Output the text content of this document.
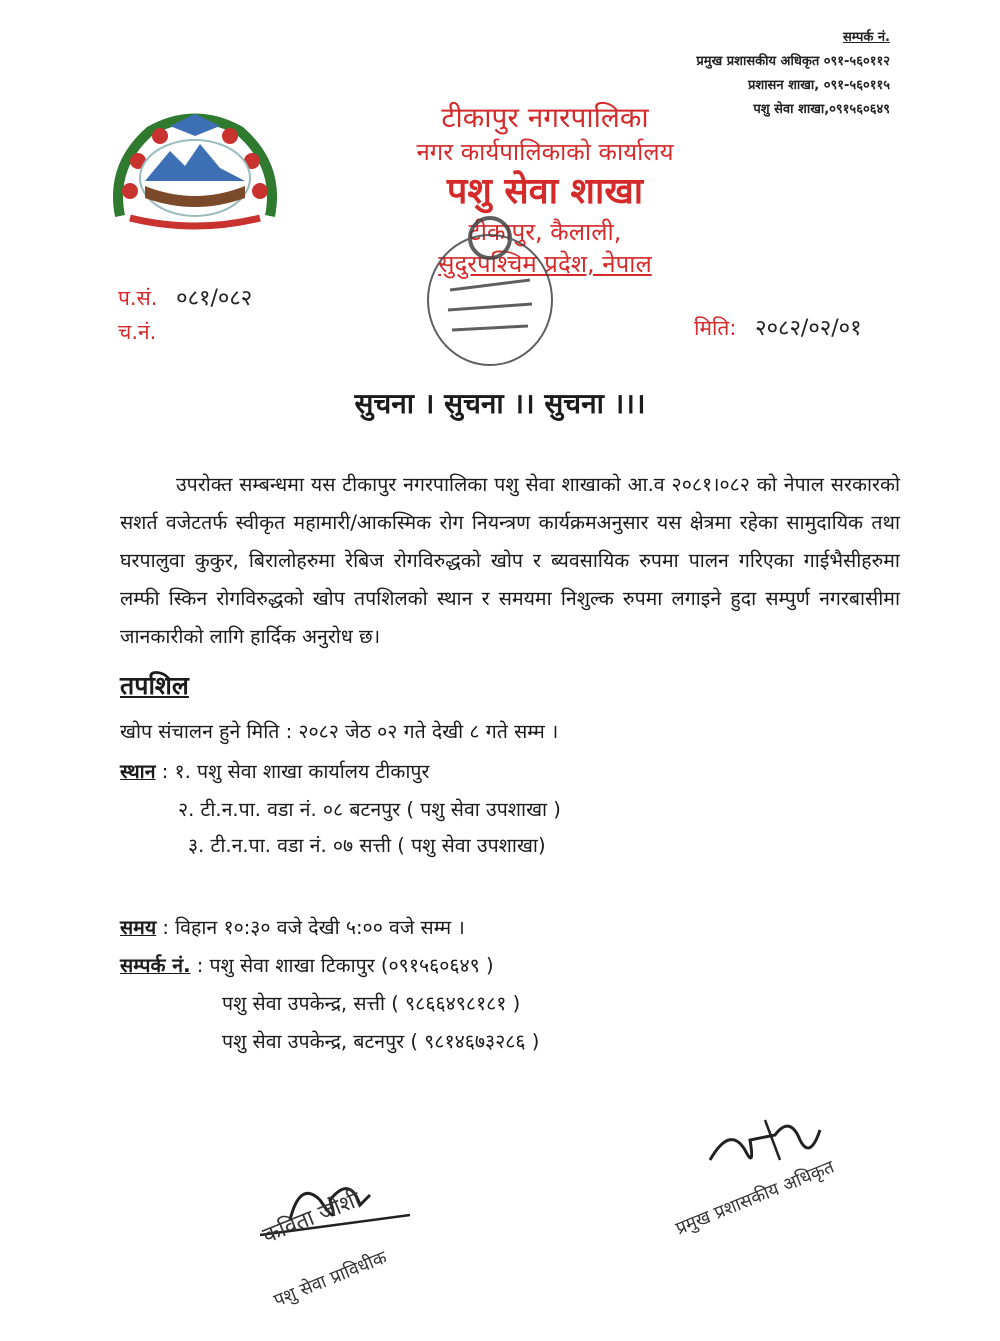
सम्पर्क नं.
प्रमुख प्रशासकीय अधिकृत ०९१-५६०११२
प्रशासन शाखा, ०९१-५६०११५
पशु सेवा शाखा,०९१५६०६४९
टीकापुर नगरपालिका
नगर कार्यपालिकाको कार्यालय
पशु सेवा शाखा
टीकापुर, कैलाली,
सुदुरपश्चिम प्रदेश, नेपाल
प.सं. ०८१/०८२
च.नं.	मिति: २०८२/०२/०१
सुचना । सुचना ।। सुचना ।।।
उपरोक्त सम्बन्धमा यस टीकापुर नगरपालिका पशु सेवा शाखाको आ.व २०८१।०८२ को नेपाल सरकारको सशर्त वजेटतर्फ स्वीकृत महामारी/आकस्मिक रोग नियन्त्रण कार्यक्रमअनुसार यस क्षेत्रमा रहेका सामुदायिक तथा घरपालुवा कुकुर, बिरालोहरुमा रेबिज रोगविरुद्धको खोप र ब्यवसायिक रुपमा पालन गरिएका गाईभैसीहरुमा लम्फी स्किन रोगविरुद्धको खोप तपशिलको स्थान र समयमा निशुल्क रुपमा लगाइने हुदा सम्पुर्ण नगरबासीमा जानकारीको लागि हार्दिक अनुरोध छ।
तपशिल
खोप संचालन हुने मिति : २०८२ जेठ ०२ गते देखी ८ गते सम्म ।
स्थान : १. पशु सेवा शाखा कार्यालय टीकापुर
२. टी.न.पा. वडा नं. ०८ बटनपुर ( पशु सेवा उपशाखा )
३. टी.न.पा. वडा नं. ०७ सत्ती ( पशु सेवा उपशाखा)
समय : विहान १०:३० वजे देखी ५:०० वजे सम्म ।
सम्पर्क नं. : पशु सेवा शाखा टिकापुर (०९१५६०६४९ )
पशु सेवा उपकेन्द्र, सत्ती ( ९८६६४९८१८१ )
पशु सेवा उपकेन्द्र, बटनपुर ( ९८१४६७३२८६ )
कविता जोशी
पशु सेवा प्राविधीक
प्रमुख प्रशासकीय अधिकृत
